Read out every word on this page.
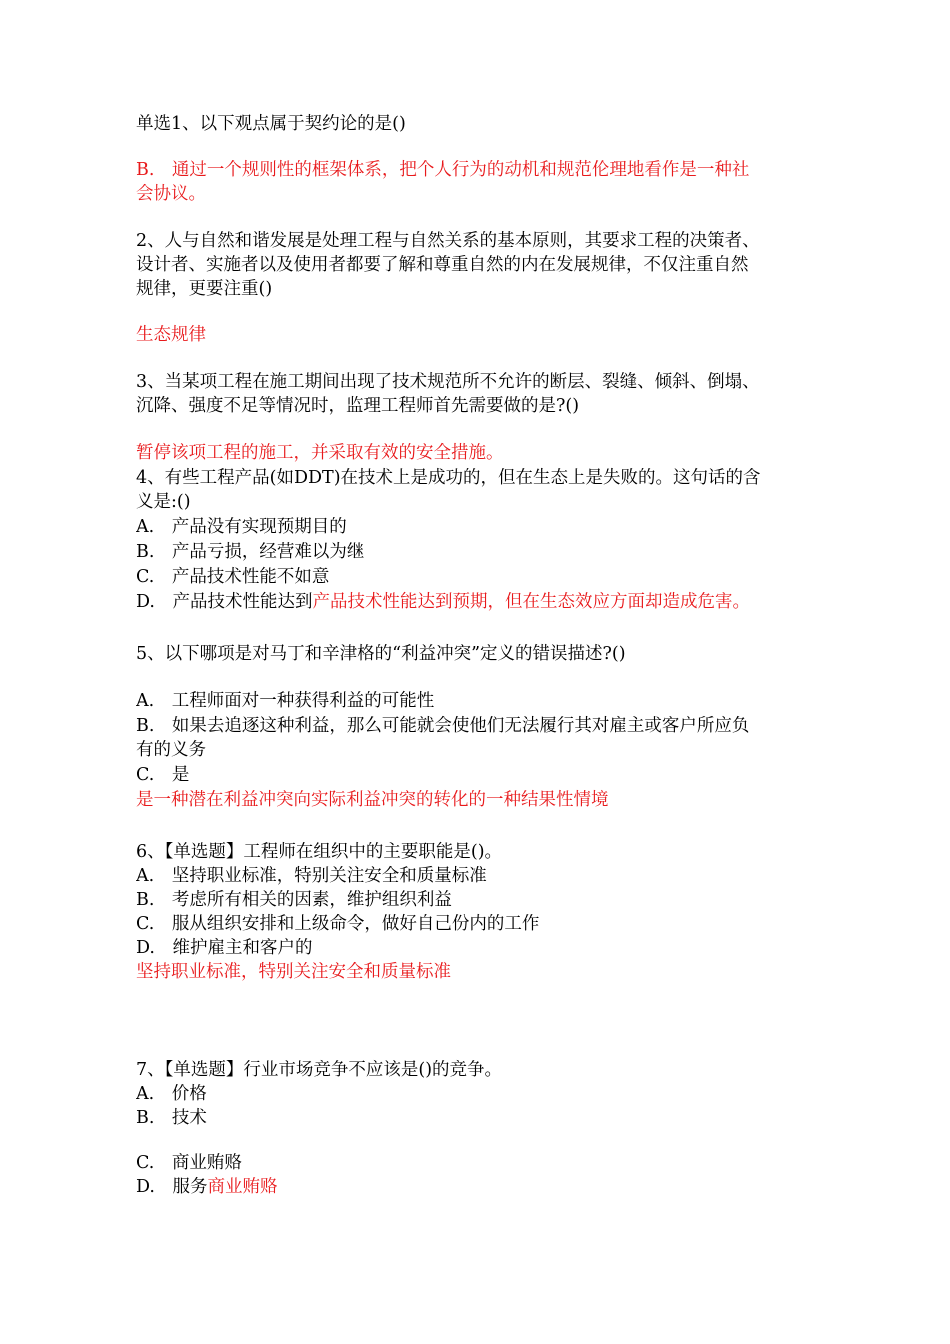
单选1、以下观点属于契约论的是()
B.　通过一个规则性的框架体系，把个人行为的动机和规范伦理地看作是一种社
会协议。
2、人与自然和谐发展是处理工程与自然关系的基本原则，其要求工程的决策者、
设计者、实施者以及使用者都要了解和尊重自然的内在发展规律，不仅注重自然
规律，更要注重()
生态规律
3、当某项工程在施工期间出现了技术规范所不允许的断层、裂缝、倾斜、倒塌、
沉降、强度不足等情况时，监理工程师首先需要做的是?()
暂停该项工程的施工，并采取有效的安全措施。
4、有些工程产品(如DDT)在技术上是成功的，但在生态上是失败的。这句话的含
义是:()
A.　产品没有实现预期目的
B.　产品亏损，经营难以为继
C.　产品技术性能不如意
D.　产品技术性能达到产品技术性能达到预期，但在生态效应方面却造成危害。
5、以下哪项是对马丁和辛津格的“利益冲突”定义的错误描述?()
A.　工程师面对一种获得利益的可能性
B.　如果去追逐这种利益，那么可能就会使他们无法履行其对雇主或客户所应负
有的义务
C.　是
是一种潜在利益冲突向实际利益冲突的转化的一种结果性情境
6、【单选题】工程师在组织中的主要职能是()。
A.　坚持职业标准，特别关注安全和质量标准
B.　考虑所有相关的因素，维护组织利益
C.　服从组织安排和上级命令，做好自己份内的工作
D.　维护雇主和客户的
坚持职业标准，特别关注安全和质量标准
7、【单选题】行业市场竞争不应该是()的竞争。
A.　价格
B.　技术
C.　商业贿赂
D.　服务商业贿赂
